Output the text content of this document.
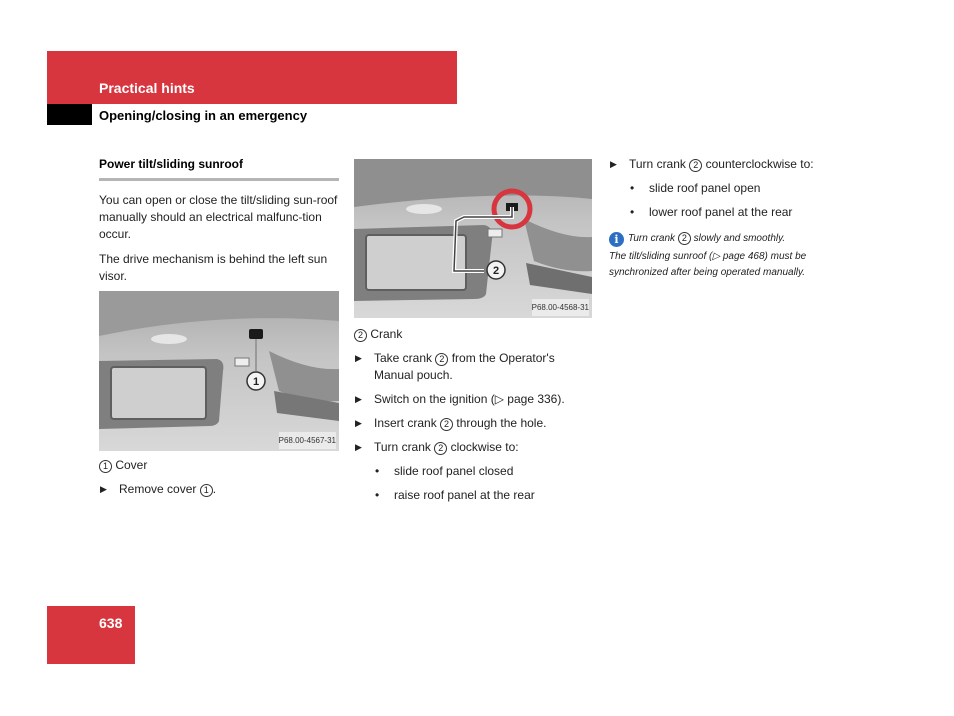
Practical hints
Opening/closing in an emergency
Power tilt/sliding sunroof

You can open or close the tilt/sliding sun-roof manually should an electrical malfunc-tion occur.

The drive mechanism is behind the left sun visor.

1
P68.00-4567-31
1 Cover
▶ Remove cover 1 .
2
P68.00-4568-31
2 Crank
▶ Take crank 2 from the Operator's Manual pouch.
▶ Switch on the ignition (▷ page 336).
▶ Insert crank 2 through the hole.
▶ Turn crank 2 clockwise to:
• slide roof panel closed
• raise roof panel at the rear
▶ Turn crank 2 counterclockwise to:
• slide roof panel open
• lower roof panel at the rear
i Turn crank 2 slowly and smoothly.
The tilt/sliding sunroof (▷ page 468) must be synchronized after being operated manually.
638
